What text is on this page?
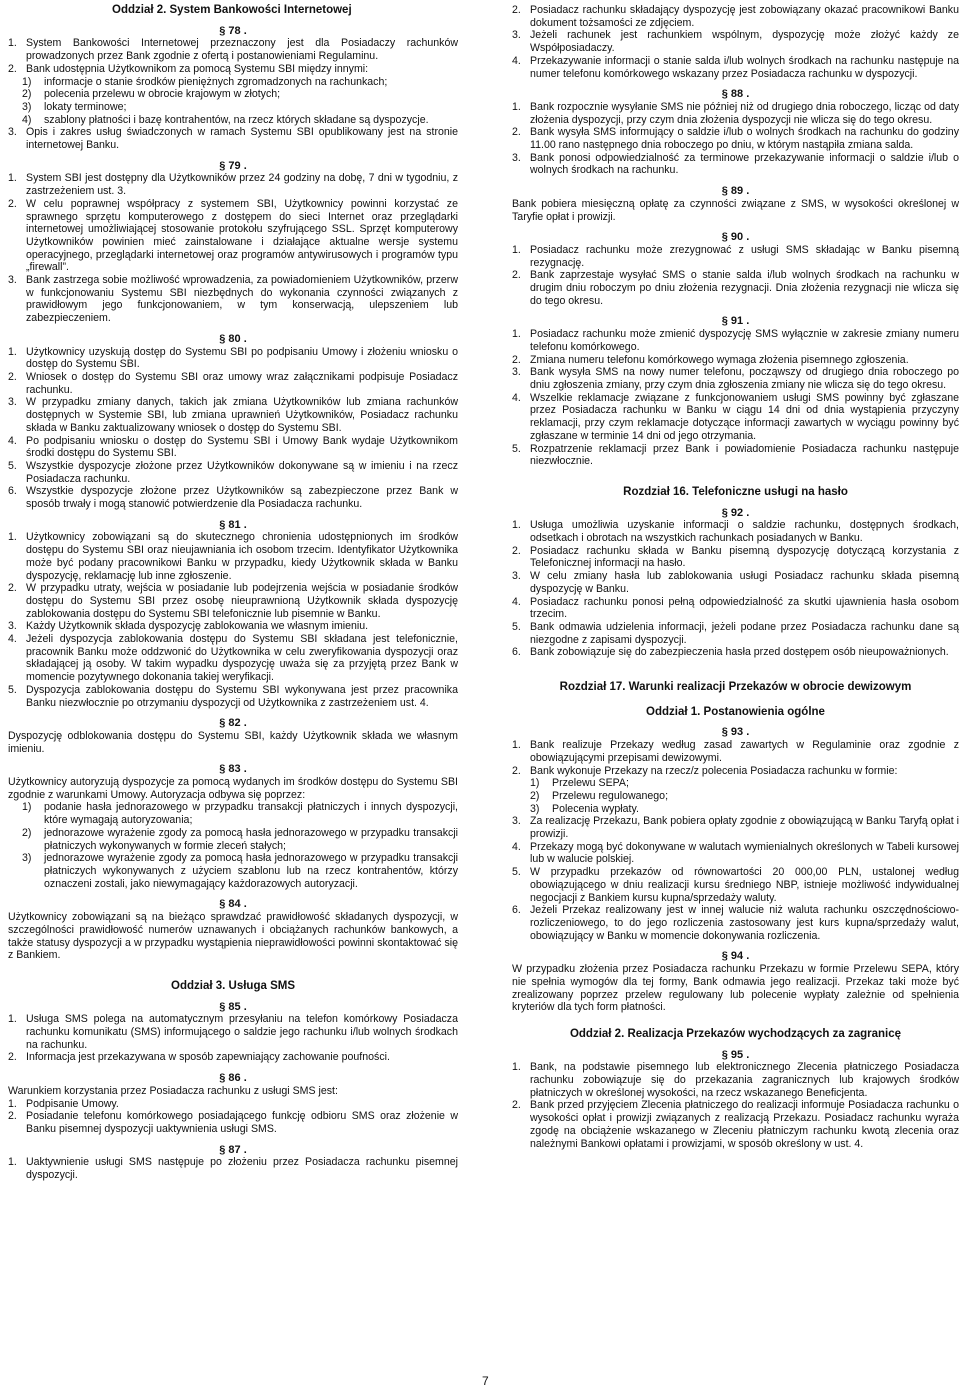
Oddział 2. System Bankowości Internetowej

§ 78 .

1. System Bankowości Internetowej przeznaczony jest dla Posiadaczy rachunków prowadzonych przez Bank zgodnie z ofertą i postanowieniami Regulaminu.
2. Bank udostępnia Użytkownikom za pomocą Systemu SBI między innymi:
1)	informacje o stanie środków pieniężnych zgromadzonych na rachunkach;
2)	polecenia przelewu w obrocie krajowym w złotych;
3)	lokaty terminowe;
4)	szablony płatności i bazę kontrahentów, na rzecz których składane są dyspozycje.
3. Opis i zakres usług świadczonych w ramach Systemu SBI opublikowany jest na stronie internetowej Banku.

§ 79 .

1. System SBI jest dostępny dla Użytkowników przez 24 godziny na dobę, 7 dni w tygodniu, z zastrzeżeniem ust. 3.
2. W celu poprawnej współpracy z systemem SBI, Użytkownicy powinni korzystać ze sprawnego sprzętu komputerowego z dostępem do sieci Internet oraz przeglądarki internetowej umożliwiającej stosowanie protokołu szyfrującego SSL. Sprzęt komputerowy Użytkowników powinien mieć zainstalowane i działające aktualne wersje systemu operacyjnego, przeglądarki internetowej oraz programów antywirusowych i programów typu „firewall”.
3. Bank zastrzega sobie możliwość wprowadzenia, za powiadomieniem Użytkowników, przerw w funkcjonowaniu Systemu SBI niezbędnych do wykonania czynności związanych z prawidłowym jego funkcjonowaniem, w tym konserwacją, ulepszeniem lub zabezpieczeniem.

§ 80 .

1. Użytkownicy uzyskują dostęp do Systemu SBI po podpisaniu Umowy i złożeniu wniosku o dostęp do Systemu SBI.
2. Wniosek o dostęp do Systemu SBI oraz umowy wraz załącznikami podpisuje Posiadacz rachunku.
3. W przypadku zmiany danych, takich jak zmiana Użytkowników lub zmiana rachunków dostępnych w Systemie SBI, lub zmiana uprawnień Użytkowników, Posiadacz rachunku składa w Banku zaktualizowany wniosek o dostęp do Systemu SBI.
4. Po podpisaniu wniosku o dostęp do Systemu SBI i Umowy Bank wydaje Użytkownikom środki dostępu do Systemu SBI.
5. Wszystkie dyspozycje złożone przez Użytkowników dokonywane są w imieniu i na rzecz Posiadacza rachunku.
6. Wszystkie dyspozycje złożone przez Użytkowników są zabezpieczone przez Bank w sposób trwały i mogą stanowić potwierdzenie dla Posiadacza rachunku.

§ 81 .

1. Użytkownicy zobowiązani są do skutecznego chronienia udostępnionych im środków dostępu do Systemu SBI oraz nieujawniania ich osobom trzecim. Identyfikator Użytkownika może być podany pracownikowi Banku w przypadku, kiedy Użytkownik składa w Banku dyspozycję, reklamację lub inne zgłoszenie.
2. W przypadku utraty, wejścia w posiadanie lub podejrzenia wejścia w posiadanie środków dostępu do Systemu SBI przez osobę nieuprawnioną Użytkownik składa dyspozycję zablokowania dostępu do Systemu SBI telefonicznie lub pisemnie w Banku.
3. Każdy Użytkownik składa dyspozycję zablokowania we własnym imieniu.
4. Jeżeli dyspozycja zablokowania dostępu do Systemu SBI składana jest telefonicznie, pracownik Banku może oddzwonić do Użytkownika w celu zweryfikowania dyspozycji oraz składającej ją osoby. W takim wypadku dyspozycję uważa się za przyjętą przez Bank w momencie pozytywnego dokonania takiej weryfikacji.
5. Dyspozycja zablokowania dostępu do Systemu SBI wykonywana jest przez pracownika Banku niezwłocznie po otrzymaniu dyspozycji od Użytkownika z zastrzeżeniem ust. 4.

§ 82 .

Dyspozycję odblokowania dostępu do Systemu SBI, każdy Użytkownik składa we własnym imieniu.

§ 83 .

Użytkownicy autoryzują dyspozycje za pomocą wydanych im środków dostępu do Systemu SBI zgodnie z warunkami Umowy. Autoryzacja odbywa się poprzez:

1)	podanie hasła jednorazowego w przypadku transakcji płatniczych i innych dyspozycji, które wymagają autoryzowania;
2)	jednorazowe wyrażenie zgody za pomocą hasła jednorazowego w przypadku transakcji płatniczych wykonywanych w formie zleceń stałych;
3)	jednorazowe wyrażenie zgody za pomocą hasła jednorazowego w przypadku transakcji płatniczych wykonywanych z użyciem szablonu lub na rzecz kontrahentów, którzy oznaczeni zostali, jako niewymagający każdorazowych autoryzacji.

§ 84 .

Użytkownicy zobowiązani są na bieżąco sprawdzać prawidłowość składanych dyspozycji, w szczególności prawidłowość numerów uznawanych i obciążanych rachunków bankowych, a także statusy dyspozycji a w przypadku wystąpienia nieprawidłowości powinni skontaktować się z Bankiem.

Oddział 3. Usługa SMS

§ 85 .

1. Usługa SMS polega na automatycznym przesyłaniu na telefon komórkowy Posiadacza rachunku komunikatu (SMS) informującego o saldzie jego rachunku i/lub wolnych środkach na rachunku.
2. Informacja jest przekazywana w sposób zapewniający zachowanie poufności.

§ 86 .

Warunkiem korzystania przez Posiadacza rachunku z usługi SMS jest:

1. Podpisanie Umowy.
2. Posiadanie telefonu komórkowego posiadającego funkcję odbioru SMS oraz złożenie w Banku pisemnej dyspozycji uaktywnienia usługi SMS.

§ 87 .

1. Uaktywnienie usługi SMS następuje po złożeniu przez Posiadacza rachunku pisemnej dyspozycji.
2. Posiadacz rachunku składający dyspozycję jest zobowiązany okazać pracownikowi Banku dokument tożsamości ze zdjęciem.
3. Jeżeli rachunek jest rachunkiem wspólnym, dyspozycję może złożyć każdy ze Współposiadaczy.
4. Przekazywanie informacji o stanie salda i/lub wolnych środkach na rachunku następuje na numer telefonu komórkowego wskazany przez Posiadacza rachunku w dyspozycji.

§ 88 .

1. Bank rozpocznie wysyłanie SMS nie później niż od drugiego dnia roboczego, licząc od daty złożenia dyspozycji, przy czym dnia złożenia dyspozycji nie wlicza się do tego okresu.
2. Bank wysyła SMS informujący o saldzie i/lub o wolnych środkach na rachunku do godziny 11.00 rano następnego dnia roboczego po dniu, w którym nastąpiła zmiana salda.
3. Bank ponosi odpowiedzialność za terminowe przekazywanie informacji o saldzie i/lub o wolnych środkach na rachunku.

§ 89 .

Bank pobiera miesięczną opłatę za czynności związane z SMS, w wysokości określonej w Taryfie opłat i prowizji.

§ 90 .

1. Posiadacz rachunku może zrezygnować z usługi SMS składając w Banku pisemną rezygnację.
2. Bank zaprzestaje wysyłać SMS o stanie salda i/lub wolnych środkach na rachunku w drugim dniu roboczym po dniu złożenia rezygnacji. Dnia złożenia rezygnacji nie wlicza się do tego okresu.

§ 91 .

1. Posiadacz rachunku może zmienić dyspozycję SMS wyłącznie w zakresie zmiany numeru telefonu komórkowego.
2. Zmiana numeru telefonu komórkowego wymaga złożenia pisemnego zgłoszenia.
3. Bank wysyła SMS na nowy numer telefonu, począwszy od drugiego dnia roboczego po dniu zgłoszenia zmiany, przy czym dnia zgłoszenia zmiany nie wlicza się do tego okresu.
4. Wszelkie reklamacje związane z funkcjonowaniem usługi SMS powinny być zgłaszane przez Posiadacza rachunku w Banku w ciągu 14 dni od dnia wystąpienia przyczyny reklamacji, przy czym reklamacje dotyczące informacji zawartych w wyciągu powinny być zgłaszane w terminie 14 dni od jego otrzymania.
5. Rozpatrzenie reklamacji przez Bank i powiadomienie Posiadacza rachunku następuje niezwłocznie.

Rozdział 16. Telefoniczne usługi na hasło

§ 92 .

1. Usługa umożliwia uzyskanie informacji o saldzie rachunku, dostępnych środkach, odsetkach i obrotach na wszystkich rachunkach posiadanych w Banku.
2. Posiadacz rachunku składa w Banku pisemną dyspozycję dotyczącą korzystania z Telefonicznej informacji na hasło.
3. W celu zmiany hasła lub zablokowania usługi Posiadacz rachunku składa pisemną dyspozycję w Banku.
4. Posiadacz rachunku ponosi pełną odpowiedzialność za skutki ujawnienia hasła osobom trzecim.
5. Bank odmawia udzielenia informacji, jeżeli podane przez Posiadacza rachunku dane są niezgodne z zapisami dyspozycji.
6. Bank zobowiązuje się do zabezpieczenia hasła przed dostępem osób nieupoważnionych.

Rozdział 17. Warunki realizacji Przekazów w obrocie dewizowym

Oddział 1. Postanowienia ogólne

§ 93 .

1. Bank realizuje Przekazy według zasad zawartych w Regulaminie oraz zgodnie z obowiązującymi przepisami dewizowymi.
2. Bank wykonuje Przekazy na rzecz/z polecenia Posiadacza rachunku w formie:
1)	Przelewu SEPA;
2)	Przelewu regulowanego;
3)	Polecenia wypłaty.
3. Za realizację Przekazu, Bank pobiera opłaty zgodnie z obowiązującą w Banku Taryfą opłat i prowizji.
4. Przekazy mogą być dokonywane w walutach wymienialnych określonych w Tabeli kursowej lub w walucie polskiej.
5. W przypadku przekazów od równowartości 20 000,00 PLN, ustalonej według obowiązującego w dniu realizacji kursu średniego NBP, istnieje możliwość indywidualnej negocjacji z Bankiem kursu kupna/sprzedaży waluty.
6. Jeżeli Przekaz realizowany jest w innej walucie niż waluta rachunku oszczędnościowo-rozliczeniowego, to do jego rozliczenia zastosowany jest kurs kupna/sprzedaży walut, obowiązujący w Banku w momencie dokonywania rozliczenia.

§ 94 .

W przypadku złożenia przez Posiadacza rachunku Przekazu w formie Przelewu SEPA, który nie spełnia wymogów dla tej formy, Bank odmawia jego realizacji. Przekaz taki może być zrealizowany poprzez przelew regulowany lub polecenie wypłaty zależnie od spełnienia kryteriów dla tych form płatności.

Oddział 2. Realizacja Przekazów wychodzących za zagranicę

§ 95 .

1. Bank, na podstawie pisemnego lub elektronicznego Zlecenia płatniczego Posiadacza rachunku zobowiązuje się do przekazania zagranicznych lub krajowych środków płatniczych w określonej wysokości, na rzecz wskazanego Beneficjenta.
2. Bank przed przyjęciem Zlecenia płatniczego do realizacji informuje Posiadacza rachunku o wysokości opłat i prowizji związanych z realizacją Przekazu. Posiadacz rachunku wyraża zgodę na obciążenie wskazanego w Zleceniu płatniczym rachunku kwotą zlecenia oraz należnymi Bankowi opłatami i prowizjami, w sposób określony w ust. 4.
7
